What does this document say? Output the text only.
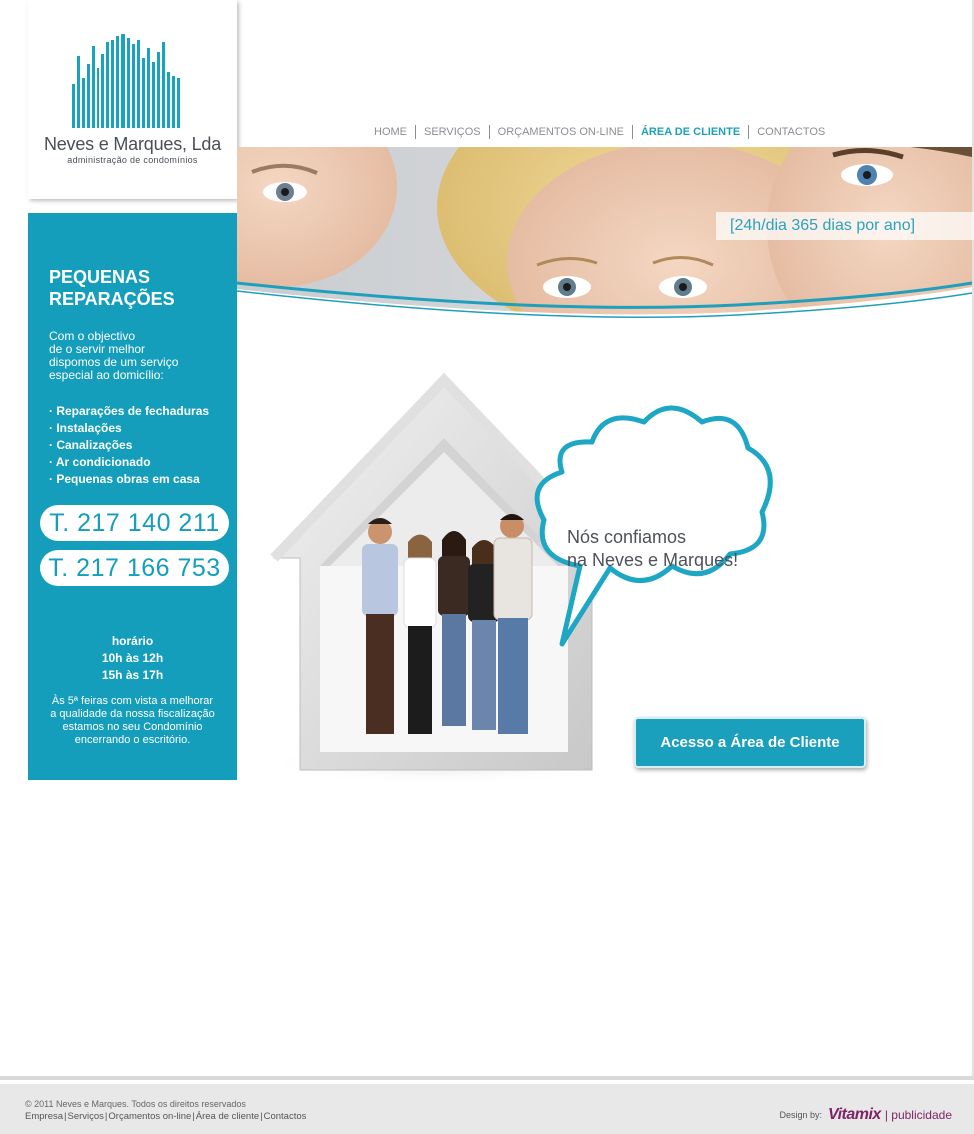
Neves e Marques, Lda
administração de condomínios
HOME	SERVIÇOS	ORÇAMENTOS ON-LINE	ÁREA DE CLIENTE	CONTACTOS
[24h/dia 365 dias por ano]
PEQUENAS
REPARAÇÕES
Com o objectivo
de o servir melhor
dispomos de um serviço
especial ao domicílio:
· Reparações de fechaduras
· Instalações
· Canalizações
· Ar condicionado
· Pequenas obras em casa
T. 217 140 211
T. 217 166 753
horário
10h às 12h
15h às 17h
Às 5ª feiras com vista a melhorar
a qualidade da nossa fiscalização
estamos no seu Condomínio
encerrando o escritório.
Nós confiamos
na Neves e Marques!
Acesso a Área de Cliente
© 2011 Neves e Marques. Todos os direitos reservados
Empresa|Serviços|Orçamentos on-line|Área de cliente|Contactos	Design by: Vitamix | publicidade
